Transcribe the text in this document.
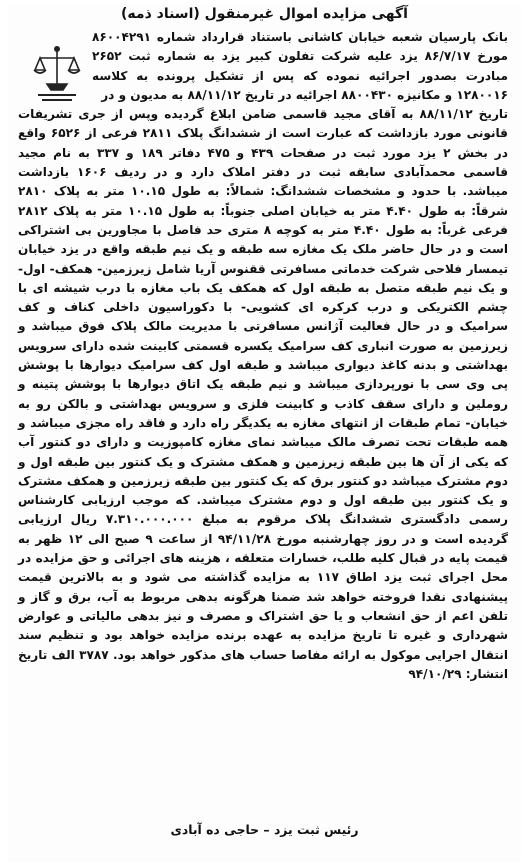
آگهی مزایده اموال غیرمنقول (اسناد ذمه)

بانک پارسیان شعبه خیابان کاشانی باستناد قرارداد شماره ۸۶۰۰۴۲۹۱ مورخ ۸۶/۷/۱۷ یزد علیه شرکت تفلون کبیر یزد به شماره ثبت ۲۶۵۲ مبادرت بصدور اجرائیه نموده که پس از تشکیل پرونده به کلاسه ۱۲۸۰۰۱۶ و مکانیزه ۸۸۰۰۴۳۰ اجرائیه در تاریخ ۸۸/۱۱/۱۲ به مدیون و در

تاریخ ۸۸/۱۱/۱۲ به آقای مجید قاسمی ضامن ابلاغ گردیده وپس از جری تشریفات قانونی مورد بازداشت که عبارت است از ششدانگ پلاک ۲۸۱۱ فرعی از ۶۵۲۶ واقع در بخش ۲ یزد مورد ثبت در صفحات ۴۳۹ و ۴۷۵ دفاتر ۱۸۹ و ۳۳۷ به نام مجید قاسمی محمدآبادی سابقه ثبت در دفتر املاک دارد و در ردیف ۱۶۰۶ بازداشت میباشد. با حدود و مشخصات ششدانگ: شمالاً: به طول ۱۰.۱۵ متر به پلاک ۲۸۱۰ شرقاً: به طول ۴.۴۰ متر به خیابان اصلی جنوباً: به طول ۱۰.۱۵ متر به پلاک ۲۸۱۲ فرعی غرباً: به طول ۴.۴۰ متر به کوچه ۸ متری حد فاصل با مجاورین بی اشتراکی است و در حال حاضر ملک یک مغازه سه طبقه و یک نیم طبقه واقع در یزد خیابان تیمسار فلاحی شرکت خدماتی مسافرتی ققنوس آریا شامل زیرزمین- همکف- اول- و یک نیم طبقه متصل به طبقه اول که همکف یک باب مغازه با درب شیشه ای با چشم الکتریکی و درب کرکره ای کشویی- با دکوراسیون داخلی کناف و کف سرامیک و در حال فعالیت آژانس مسافرتی با مدیریت مالک پلاک فوق میباشد و زیرزمین به صورت انباری کف سرامیک یکسره قسمتی کابینت شده دارای سرویس بهداشتی و بدنه کاغذ دیواری میباشد و طبقه اول کف سرامیک دیوارها با پوشش پی وی سی با نورپردازی میباشد و نیم طبقه یک اتاق دیوارها با پوشش پتینه و روملین و دارای سقف کاذب و کابینت فلزی و سرویس بهداشتی و بالکن رو به خیابان- تمام طبقات از انتهای مغازه به یکدیگر راه دارد و فاقد راه مجزی میباشد و همه طبقات تحت تصرف مالک میباشد نمای مغازه کامپوزیت و دارای دو کنتور آب که یکی از آن ها بین طبقه زیرزمین و همکف مشترک و یک کنتور بین طبقه اول و دوم مشترک میباشد دو کنتور برق که یک کنتور بین طبقه زیرزمین و همکف مشترک و یک کنتور بین طبقه اول و دوم مشترک میباشد. که موجب ارزیابی کارشناس رسمی دادگستری ششدانگ پلاک مرقوم به مبلغ ۷.۳۱۰.۰۰۰.۰۰۰ ریال ارزیابی گردیده است و در روز چهارشنبه مورخ ۹۴/۱۱/۲۸ از ساعت ۹ صبح الی ۱۲ ظهر به قیمت پایه در قبال کلیه طلب، خسارات متعلقه ، هزینه های اجرائی و حق مزایده در محل اجرای ثبت یزد اطاق ۱۱۷ به مزایده گذاشته می شود و به بالاترین قیمت پیشنهادی نقدا فروخته خواهد شد ضمنا هرگونه بدهی مربوط به آب، برق و گاز و تلفن اعم از حق انشعاب و یا حق اشتراک و مصرف و نیز بدهی مالیاتی و عوارض شهرداری و غیره تا تاریخ مزایده به عهده برنده مزایده خواهد بود و تنظیم سند انتقال اجرایی موکول به ارائه مفاصا حساب های مذکور خواهد بود. ۳۷۸۷ الف تاریخ انتشار: ۹۴/۱۰/۲۹

رئیس ثبت یزد – حاجی ده آبادی
